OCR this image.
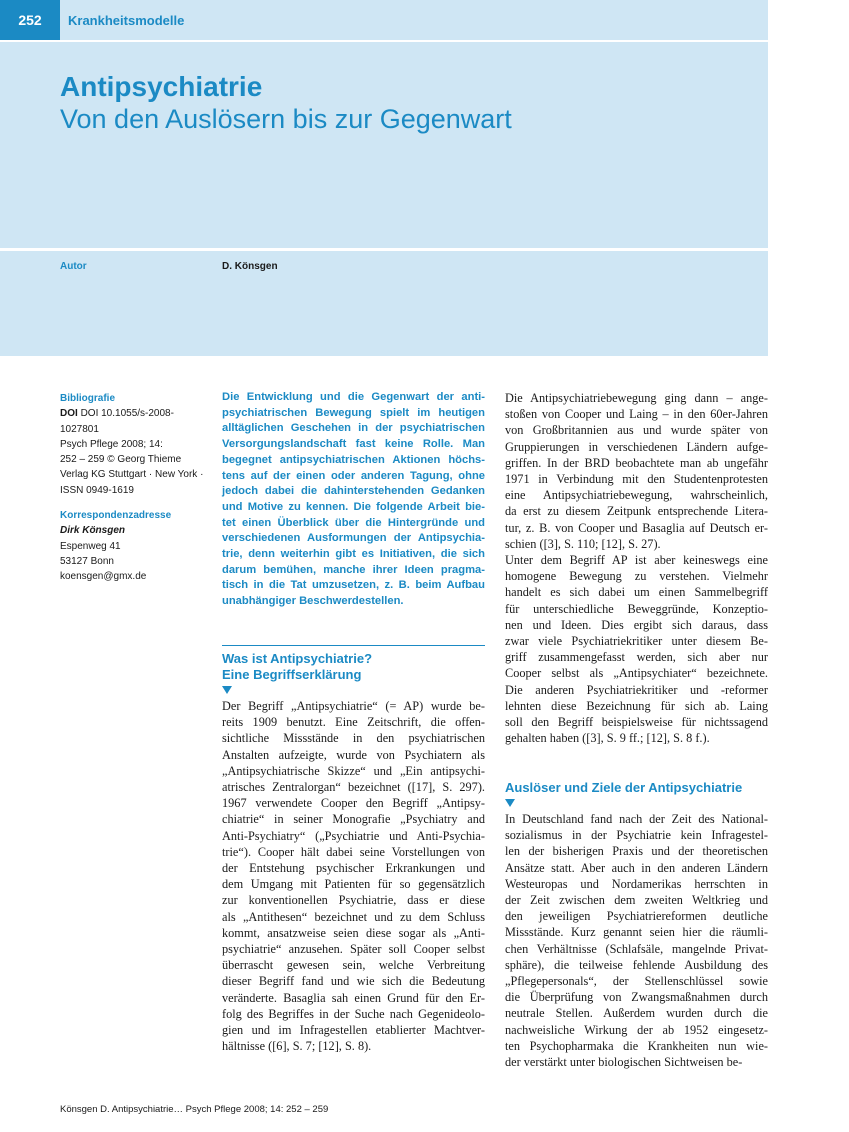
252	Krankheitsmodelle
Antipsychiatrie
Von den Auslösern bis zur Gegenwart
Autor	D. Könsgen
Bibliografie
DOI DOI 10.1055/s-2008-1027801
Psych Pflege 2008; 14:
252 – 259 © Georg Thieme
Verlag KG Stuttgart · New York ·
ISSN 0949-1619
Korrespondenzadresse
Dirk Könsgen
Espenweg 41
53127 Bonn
koensgen@gmx.de
Die Entwicklung und die Gegenwart der anti-
psychiatrischen Bewegung spielt im heutigen
alltäglichen Geschehen in der psychiatrischen
Versorgungslandschaft fast keine Rolle. Man
begegnet antipsychiatrischen Aktionen höchs-
tens auf der einen oder anderen Tagung, ohne
jedoch dabei die dahinterstehenden Gedanken
und Motive zu kennen. Die folgende Arbeit bie-
tet einen Überblick über die Hintergründe und
verschiedenen Ausformungen der Antipsychia-
trie, denn weiterhin gibt es Initiativen, die sich
darum bemühen, manche ihrer Ideen pragma-
tisch in die Tat umzusetzen, z. B. beim Aufbau
unabhängiger Beschwerdestellen.
Was ist Antipsychiatrie?
Eine Begriffserklärung
Der Begriff „Antipsychiatrie“ (= AP) wurde be-
reits 1909 benutzt. Eine Zeitschrift, die offen-
sichtliche Missstände in den psychiatrischen
Anstalten aufzeigte, wurde von Psychiatern als
„Antipsychiatrische Skizze“ und „Ein antipsychi-
atrisches Zentralorgan“ bezeichnet ([17], S. 297).
1967 verwendete Cooper den Begriff „Antipsy-
chiatrie“ in seiner Monografie „Psychiatry and
Anti-Psychiatry“ („Psychiatrie und Anti-Psychia-
trie“). Cooper hält dabei seine Vorstellungen von
der Entstehung psychischer Erkrankungen und
dem Umgang mit Patienten für so gegensätzlich
zur konventionellen Psychiatrie, dass er diese
als „Antithesen“ bezeichnet und zu dem Schluss
kommt, ansatzweise seien diese sogar als „Anti-
psychiatrie“ anzusehen. Später soll Cooper selbst
überrascht gewesen sein, welche Verbreitung
dieser Begriff fand und wie sich die Bedeutung
veränderte. Basaglia sah einen Grund für den Er-
folg des Begriffes in der Suche nach Gegenideolo-
gien und im Infragestellen etablierter Machtver-
hältnisse ([6], S. 7; [12], S. 8).
Die Antipsychiatriebewegung ging dann – ange-
stoßen von Cooper und Laing – in den 60er-Jahren
von Großbritannien aus und wurde später von
Gruppierungen in verschiedenen Ländern aufge-
griffen. In der BRD beobachtete man ab ungefähr
1971 in Verbindung mit den Studentenprotesten
eine Antipsychiatriebewegung, wahrscheinlich,
da erst zu diesem Zeitpunk entsprechende Litera-
tur, z. B. von Cooper und Basaglia auf Deutsch er-
schien ([3], S. 110; [12], S. 27).
Unter dem Begriff AP ist aber keineswegs eine
homogene Bewegung zu verstehen. Vielmehr
handelt es sich dabei um einen Sammelbegriff
für unterschiedliche Beweggründe, Konzeptio-
nen und Ideen. Dies ergibt sich daraus, dass
zwar viele Psychiatriekritiker unter diesem Be-
griff zusammengefasst werden, sich aber nur
Cooper selbst als „Antipsychiater“ bezeichnete.
Die anderen Psychiatriekritiker und -reformer
lehnten diese Bezeichnung für sich ab. Laing
soll den Begriff beispielsweise für nichtssagend
gehalten haben ([3], S. 9 ff.; [12], S. 8 f.).
Auslöser und Ziele der Antipsychiatrie
In Deutschland fand nach der Zeit des National-
sozialismus in der Psychiatrie kein Infragestel-
len der bisherigen Praxis und der theoretischen
Ansätze statt. Aber auch in den anderen Ländern
Westeuropas und Nordamerikas herrschten in
der Zeit zwischen dem zweiten Weltkrieg und
den jeweiligen Psychiatriereformen deutliche
Missstände. Kurz genannt seien hier die räumli-
chen Verhältnisse (Schlafsäle, mangelnde Privat-
sphäre), die teilweise fehlende Ausbildung des
„Pflegepersonals“, der Stellenschlüssel sowie
die Überprüfung von Zwangsmaßnahmen durch
neutrale Stellen. Außerdem wurden durch die
nachweisliche Wirkung der ab 1952 eingesetz-
ten Psychopharmaka die Krankheiten nun wie-
der verstärkt unter biologischen Sichtweisen be-
Könsgen D. Antipsychiatrie… Psych Pflege 2008; 14: 252 – 259
